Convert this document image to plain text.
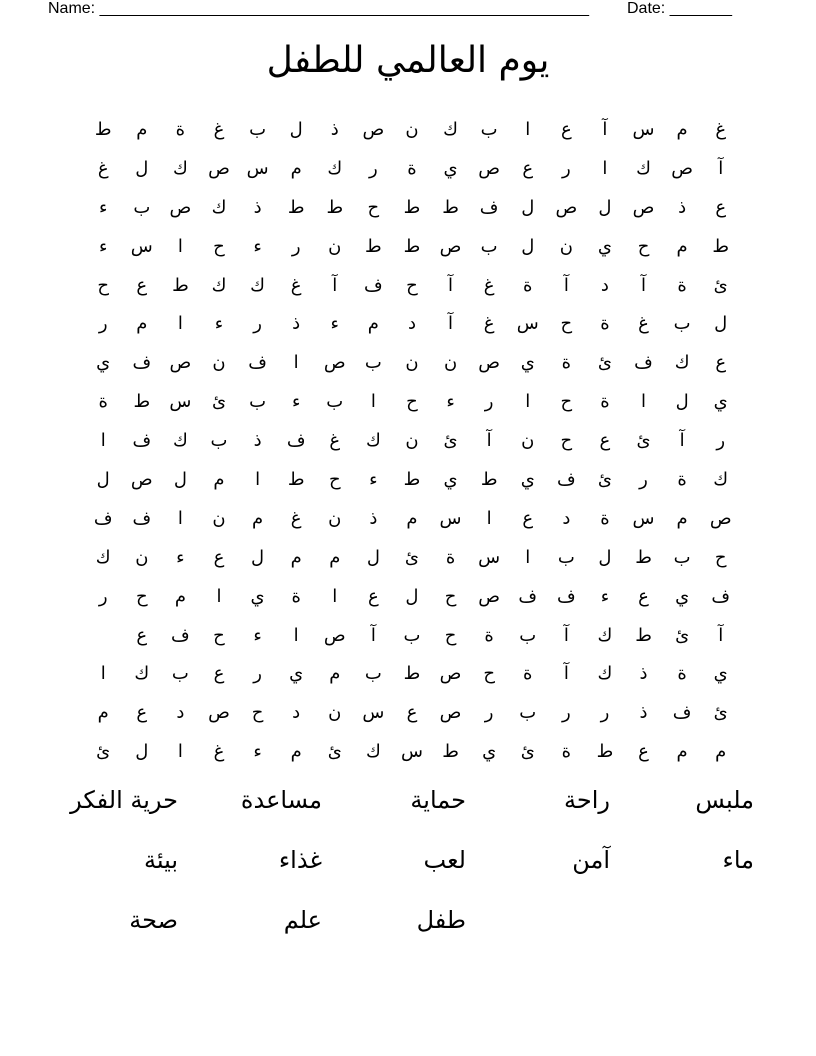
Name: _______________________________________________________ Date: _______
يوم العالمي للطفل
غ
م
س
آ
ع
ا
ب
ك
ن
ص
ذ
ل
ب
غ
ة
م
ط
آ
ص
ك
ا
ر
ع
ص
ي
ة
ر
ك
م
س
ص
ك
ل
غ
ع
ذ
ص
ل
ص
ل
ف
ط
ط
ح
ط
ط
ذ
ك
ص
ب
ء
ط
م
ح
ي
ن
ل
ب
ص
ط
ط
ن
ر
ء
ح
ا
س
ء
ئ
ة
آ
د
آ
ة
غ
آ
ح
ف
آ
غ
ك
ك
ط
ع
ح
ل
ب
غ
ة
ح
س
غ
آ
د
م
ء
ذ
ر
ء
ا
م
ر
ع
ك
ف
ئ
ة
ي
ص
ن
ن
ب
ص
ا
ف
ن
ص
ف
ي
ي
ل
ا
ة
ح
ا
ر
ء
ح
ا
ب
ء
ب
ئ
س
ط
ة
ر
آ
ئ
ع
ح
ن
آ
ئ
ن
ك
غ
ف
ذ
ب
ك
ف
ا
ك
ة
ر
ئ
ف
ي
ط
ي
ط
ء
ح
ط
ا
م
ل
ص
ل
ص
م
س
ة
د
ع
ا
س
م
ذ
ن
غ
م
ن
ا
ف
ف
ح
ب
ط
ل
ب
ا
س
ة
ئ
ل
م
م
ل
ع
ء
ن
ك
ف
ي
ع
ء
ف
ف
ص
ح
ل
ع
ا
ة
ي
ا
م
ح
ر
آ
ئ
ط
ك
آ
ب
ة
ح
ب
آ
ص
ا
ء
ح
ف
ع
ي
ة
ذ
ك
آ
ة
ح
ص
ط
ب
م
ي
ر
ع
ب
ك
ا
ئ
ف
ذ
ر
ر
ب
ر
ص
ع
س
ن
د
ح
ص
د
ع
م
م
م
ع
ط
ة
ئ
ي
ط
س
ك
ئ
م
ء
غ
ا
ل
ئ
ملبس
راحة
حماية
مساعدة
حرية الفكر
ماء
آمن
لعب
غذاء
بيئة
طفل
علم
صحة
